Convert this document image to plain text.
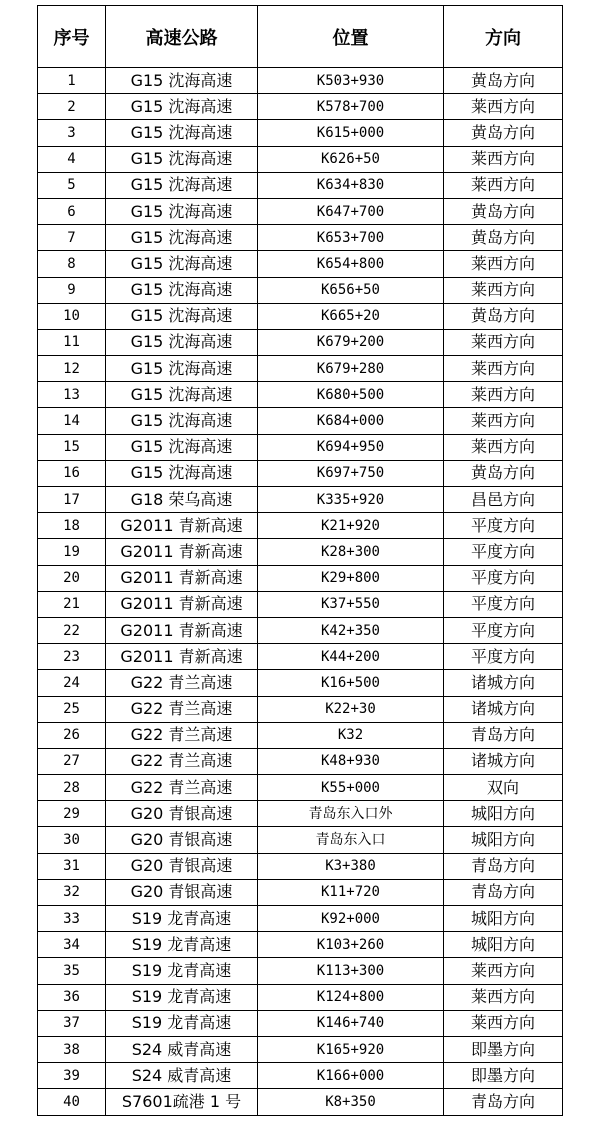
序号	高速公路	位置	方向
1	G15 沈海高速	K503+930	黄岛方向
2	G15 沈海高速	K578+700	莱西方向
3	G15 沈海高速	K615+000	黄岛方向
4	G15 沈海高速	K626+50	莱西方向
5	G15 沈海高速	K634+830	莱西方向
6	G15 沈海高速	K647+700	黄岛方向
7	G15 沈海高速	K653+700	黄岛方向
8	G15 沈海高速	K654+800	莱西方向
9	G15 沈海高速	K656+50	莱西方向
10	G15 沈海高速	K665+20	黄岛方向
11	G15 沈海高速	K679+200	莱西方向
12	G15 沈海高速	K679+280	莱西方向
13	G15 沈海高速	K680+500	莱西方向
14	G15 沈海高速	K684+000	莱西方向
15	G15 沈海高速	K694+950	莱西方向
16	G15 沈海高速	K697+750	黄岛方向
17	G18 荣乌高速	K335+920	昌邑方向
18	G2011 青新高速	K21+920	平度方向
19	G2011 青新高速	K28+300	平度方向
20	G2011 青新高速	K29+800	平度方向
21	G2011 青新高速	K37+550	平度方向
22	G2011 青新高速	K42+350	平度方向
23	G2011 青新高速	K44+200	平度方向
24	G22 青兰高速	K16+500	诸城方向
25	G22 青兰高速	K22+30	诸城方向
26	G22 青兰高速	K32	青岛方向
27	G22 青兰高速	K48+930	诸城方向
28	G22 青兰高速	K55+000	双向
29	G20 青银高速	青岛东入口外	城阳方向
30	G20 青银高速	青岛东入口	城阳方向
31	G20 青银高速	K3+380	青岛方向
32	G20 青银高速	K11+720	青岛方向
33	S19 龙青高速	K92+000	城阳方向
34	S19 龙青高速	K103+260	城阳方向
35	S19 龙青高速	K113+300	莱西方向
36	S19 龙青高速	K124+800	莱西方向
37	S19 龙青高速	K146+740	莱西方向
38	S24 威青高速	K165+920	即墨方向
39	S24 威青高速	K166+000	即墨方向
40	S7601疏港 1 号	K8+350	青岛方向
